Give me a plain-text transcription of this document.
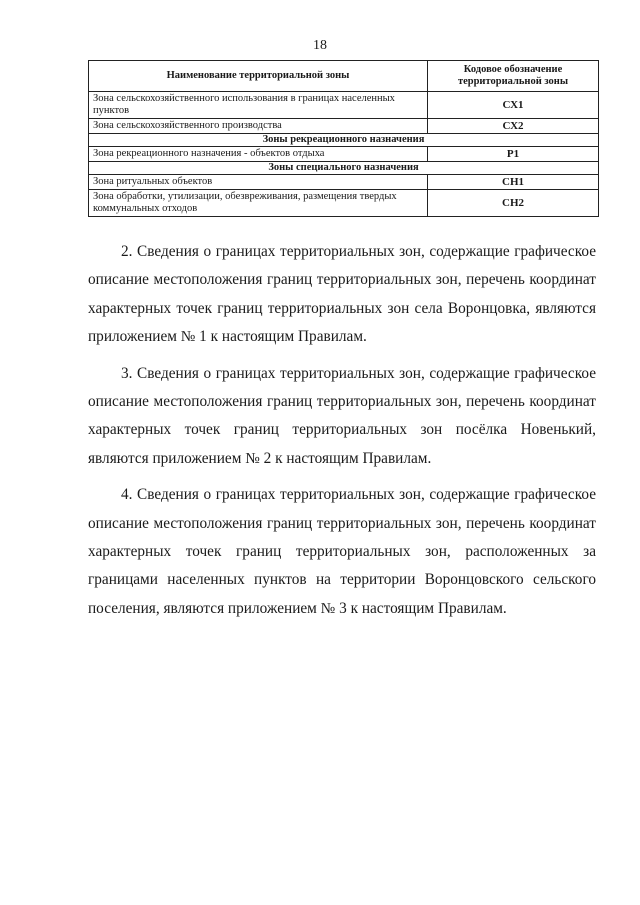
18
Наименование территориальной зоны	Кодовое обозначение территориальной зоны
Зона сельскохозяйственного использования в границах населенных пунктов	СХ1
Зона сельскохозяйственного производства	СХ2
Зоны рекреационного назначения	
Зона рекреационного назначения - объектов отдыха	Р1
Зоны специального назначения	
Зона ритуальных объектов	СН1
Зона обработки, утилизации, обезвреживания, размещения твердых коммунальных отходов	СН2

2. Сведения о границах территориальных зон, содержащие графическое описание местоположения границ территориальных зон, перечень координат характерных точек границ территориальных зон села Воронцовка, являются приложением № 1 к настоящим Правилам.

3. Сведения о границах территориальных зон, содержащие графическое описание местоположения границ территориальных зон, перечень координат характерных точек границ территориальных зон посёлка Новенький, являются приложением № 2 к настоящим Правилам.

4. Сведения о границах территориальных зон, содержащие графическое описание местоположения границ территориальных зон, перечень координат характерных точек границ территориальных зон, расположенных за границами населенных пунктов на территории Воронцовского сельского поселения, являются приложением № 3 к настоящим Правилам.
